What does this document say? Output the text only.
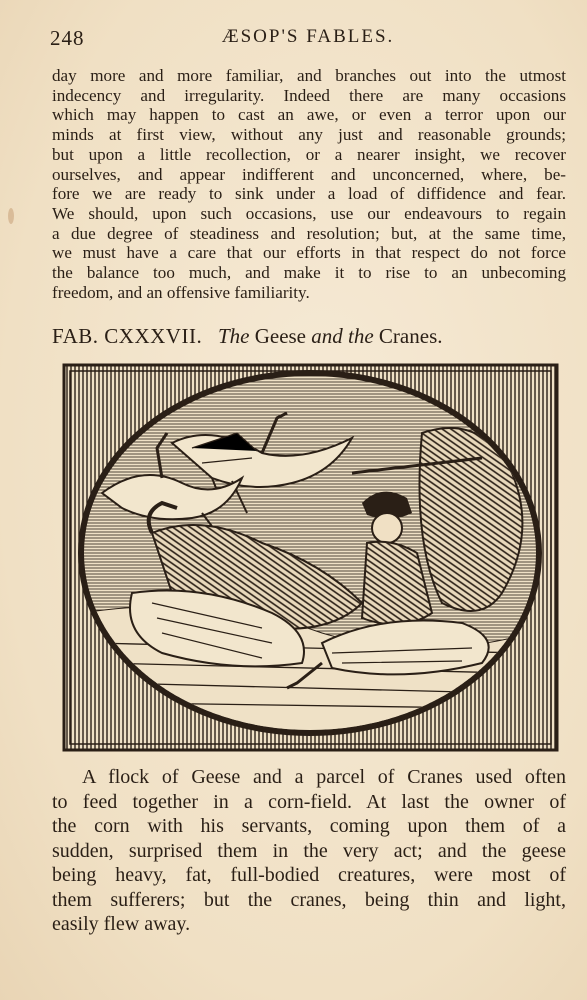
248	ÆSOP'S FABLES.
day more and more familiar, and branches out into the utmost
indecency and irregularity. Indeed there are many occasions
which may happen to cast an awe, or even a terror upon our
minds at first view, without any just and reasonable grounds;
but upon a little recollection, or a nearer insight, we recover
ourselves, and appear indifferent and unconcerned, where, be-
fore we are ready to sink under a load of diffidence and fear.
We should, upon such occasions, use our endeavours to regain
a due degree of steadiness and resolution; but, at the same time,
we must have a care that our efforts in that respect do not force
the balance too much, and make it to rise to an unbecoming
freedom, and an offensive familiarity.
FAB. CXXXVII. The Geese and the Cranes.
A flock of Geese and a parcel of Cranes used often
to feed together in a corn-field. At last the owner of
the corn with his servants, coming upon them of a
sudden, surprised them in the very act; and the geese
being heavy, fat, full-bodied creatures, were most of
them sufferers; but the cranes, being thin and light,
easily flew away.
